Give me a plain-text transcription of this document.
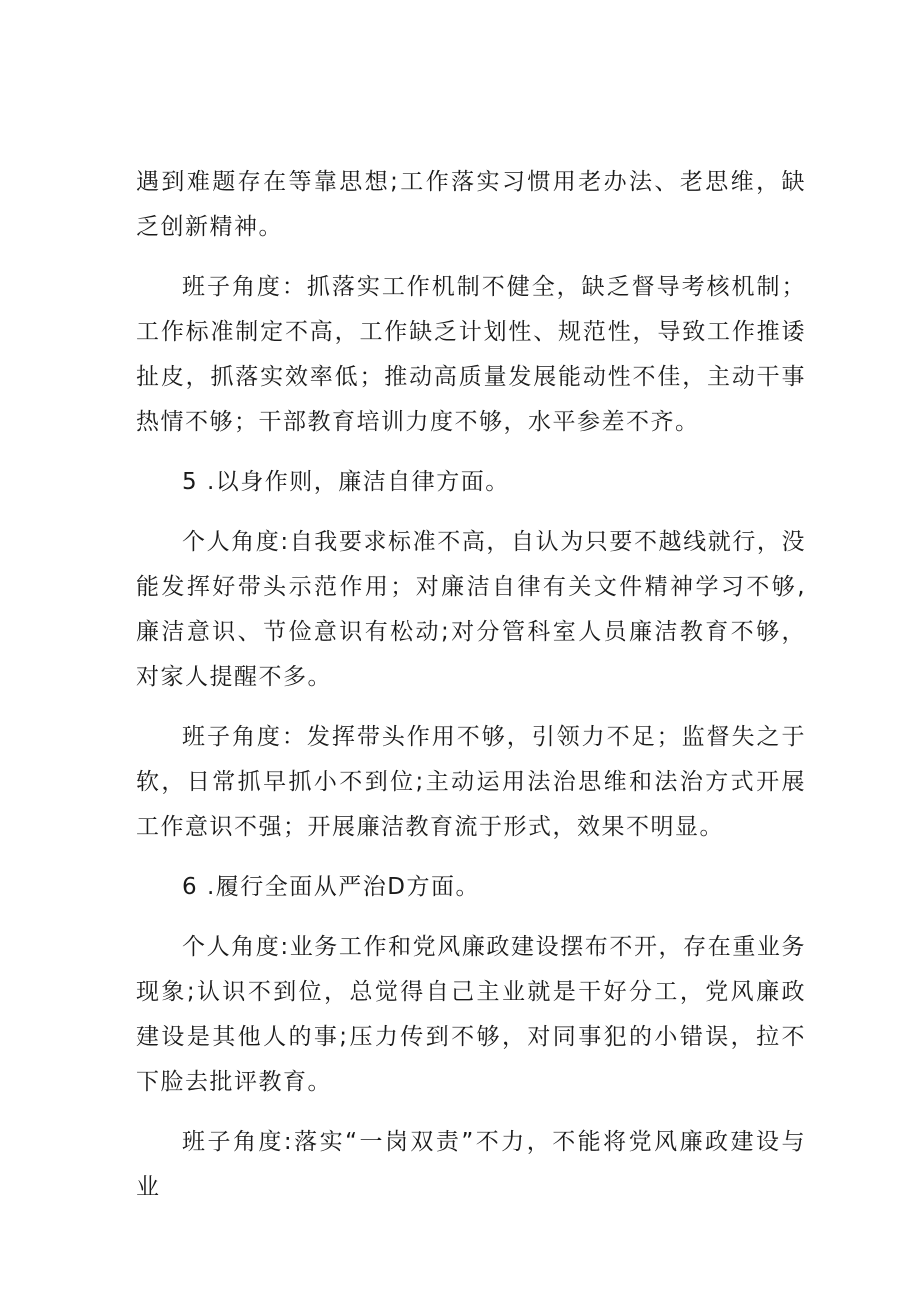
遇到难题存在等靠思想;工作落实习惯用老办法、老思维，缺乏创新精神。

班子角度：抓落实工作机制不健全，缺乏督导考核机制；工作标准制定不高，工作缺乏计划性、规范性，导致工作推诿扯皮，抓落实效率低；推动高质量发展能动性不佳，主动干事热情不够；干部教育培训力度不够，水平参差不齐。

5 .以身作则，廉洁自律方面。

个人角度:自我要求标准不高，自认为只要不越线就行，没能发挥好带头示范作用；对廉洁自律有关文件精神学习不够,廉洁意识、节俭意识有松动;对分管科室人员廉洁教育不够，对家人提醒不多。

班子角度：发挥带头作用不够，引领力不足；监督失之于软，日常抓早抓小不到位;主动运用法治思维和法治方式开展工作意识不强；开展廉洁教育流于形式，效果不明显。

6 .履行全面从严治D方面。

个人角度:业务工作和党风廉政建设摆布不开，存在重业务现象;认识不到位，总觉得自己主业就是干好分工，党风廉政建设是其他人的事;压力传到不够，对同事犯的小错误，拉不下脸去批评教育。

班子角度:落实“一岗双责”不力，不能将党风廉政建设与业
